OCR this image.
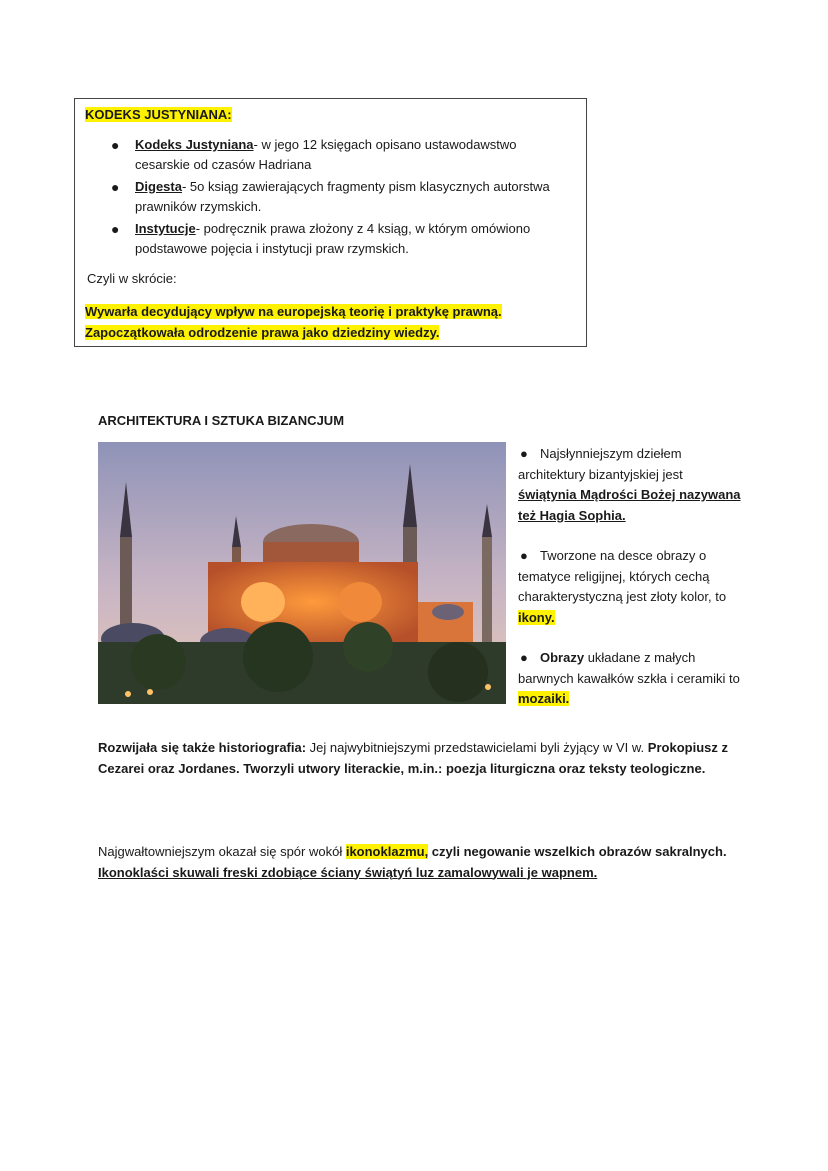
KODEKS JUSTYNIANA:
● Kodeks Justyniana- w jego 12 księgach opisano ustawodawstwo cesarskie od czasów Hadriana
● Digesta- 5o ksiąg zawierających fragmenty pism klasycznych autorstwa prawników rzymskich.
● Instytucje- podręcznik prawa złożony z 4 ksiąg, w którym omówiono podstawowe pojęcia i instytucji praw rzymskich.
Czyli w skrócie:
Wywarła decydujący wpływ na europejską teorię i praktykę prawną.
Zapoczątkowała odrodzenie prawa jako dziedziny wiedzy.
ARCHITEKTURA I SZTUKA BIZANCJUM
● Najsłynniejszym dziełem architektury bizantyjskiej jest świątynia Mądrości Bożej nazywana też Hagia Sophia.
● Tworzone na desce obrazy o tematyce religijnej, których cechą charakterystyczną jest złoty kolor, to ikony.
● Obrazy układane z małych barwnych kawałków szkła i ceramiki to mozaiki.
Rozwijała się także historiografia: Jej najwybitniejszymi przedstawicielami byli żyjący w VI w. Prokopiusz z Cezarei oraz Jordanes. Tworzyli utwory literackie, m.in.: poezja liturgiczna oraz teksty teologiczne.
Najgwałtowniejszym okazał się spór wokół ikonoklazmu, czyli negowanie wszelkich obrazów sakralnych. Ikonoklaści skuwali freski zdobiące ściany świątyń luz zamalowywali je wapnem.
